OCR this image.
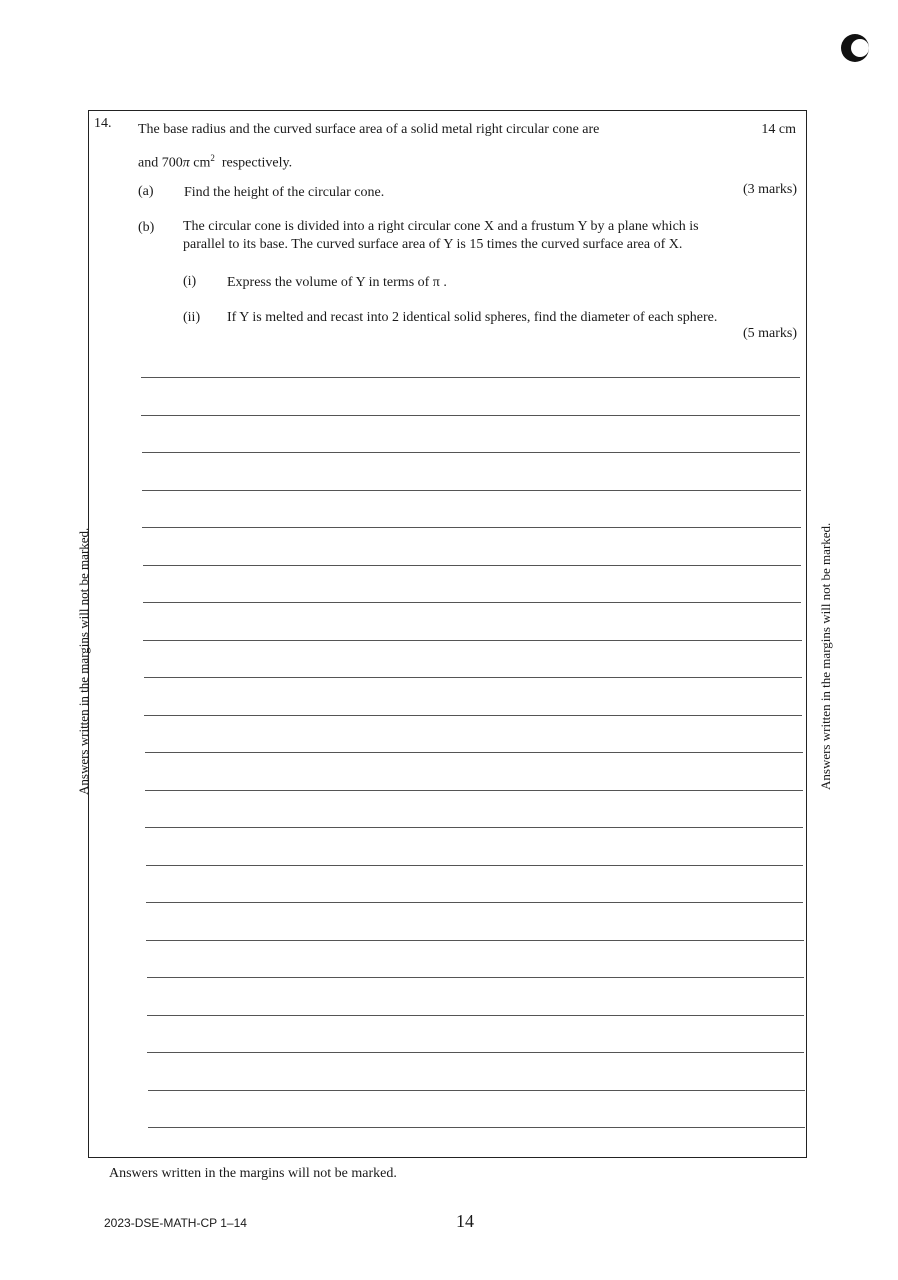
14. The base radius and the curved surface area of a solid metal right circular cone are	14 cm
and 700π $cm^2$ respectively.
(a) Find the height of the circular cone.	(3 marks)
(b) The circular cone is divided into a right circular cone X and a frustum Y by a plane which is
parallel to its base. The curved surface area of Y is 15 times the curved surface area of X.
(i) Express the volume of Y in terms of π .
(ii) If Y is melted and recast into 2 identical solid spheres, find the diameter of each sphere.
(5 marks)
Answers written in the margins will not be marked.	Answers written in the margins will not be marked.
Answers written in the margins will not be marked.
2023-DSE-MATH-CP 1–14	14
